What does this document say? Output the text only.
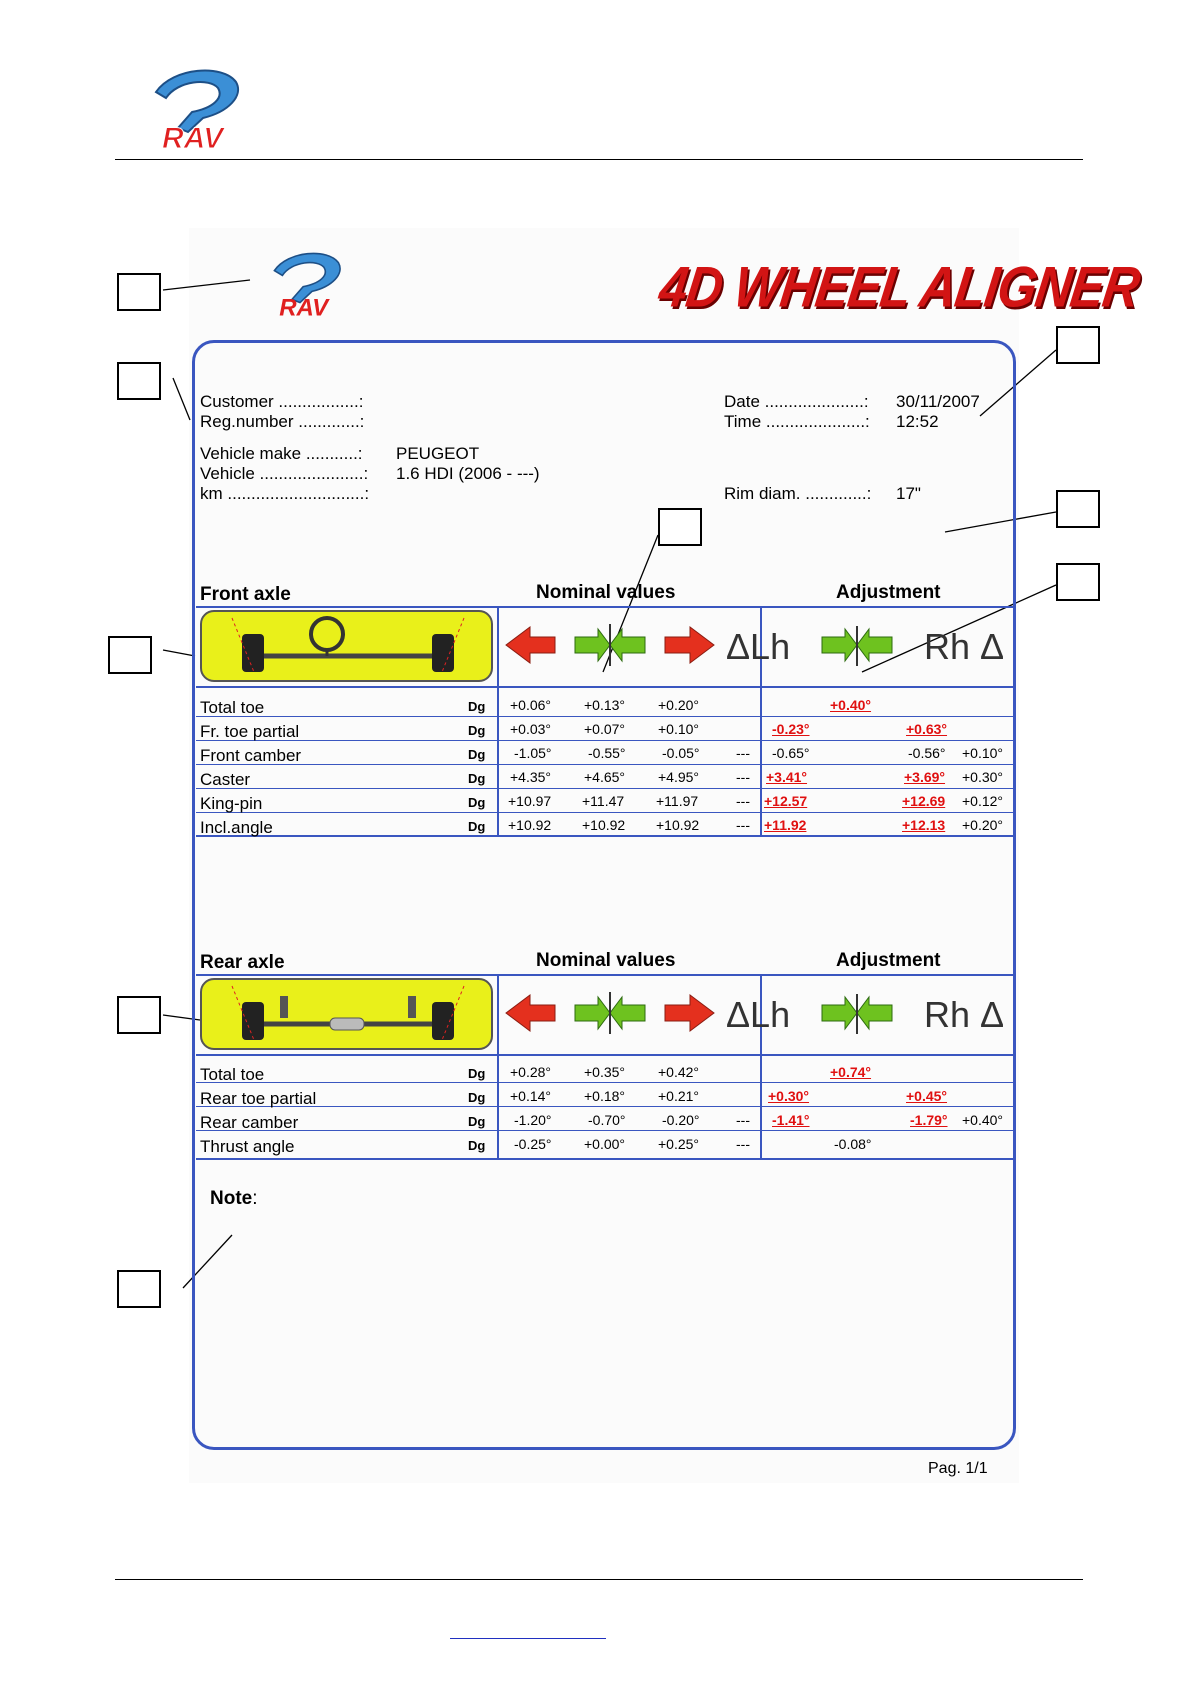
RAV
RAV	4D WHEEL ALIGNER
Customer .................:
Reg.number .............:
Vehicle make ...........: PEUGEOT
Vehicle ......................: 1.6 HDI (2006 - ---)
km .............................:
Date .....................: 30/11/2007
Time .....................: 12:52
Rim diam. .............: 17"
Front axle	Nominal values	Adjustment
ΔLh	Rh Δ
Total toe	Dg +0.06° +0.13° +0.20°	+0.40°
Fr. toe partial	Dg +0.03° +0.07° +0.10°	-0.23°	+0.63°
Front camber	Dg -1.05°	-0.55°	-0.05°	--- -0.65°	-0.56° +0.10°
Caster	Dg +4.35° +4.65° +4.95°	--- +3.41°	+3.69° +0.30°
King-pin	Dg +10.97 +11.47 +11.97	--- +12.57	+12.69 +0.12°
Incl.angle	Dg +10.92 +10.92 +10.92	--- +11.92	+12.13 +0.20°
Rear axle	Nominal values	Adjustment
ΔLh	Rh Δ
Total toe	Dg +0.28° +0.35° +0.42°	+0.74°
Rear toe partial	Dg +0.14° +0.18° +0.21°	+0.30°	+0.45°
Rear camber	Dg -1.20°	-0.70°	-0.20°	--- -1.41°	-1.79° +0.40°
Thrust angle	Dg -0.25° +0.00° +0.25°	---	-0.08°
Note:
Pag. 1/1
